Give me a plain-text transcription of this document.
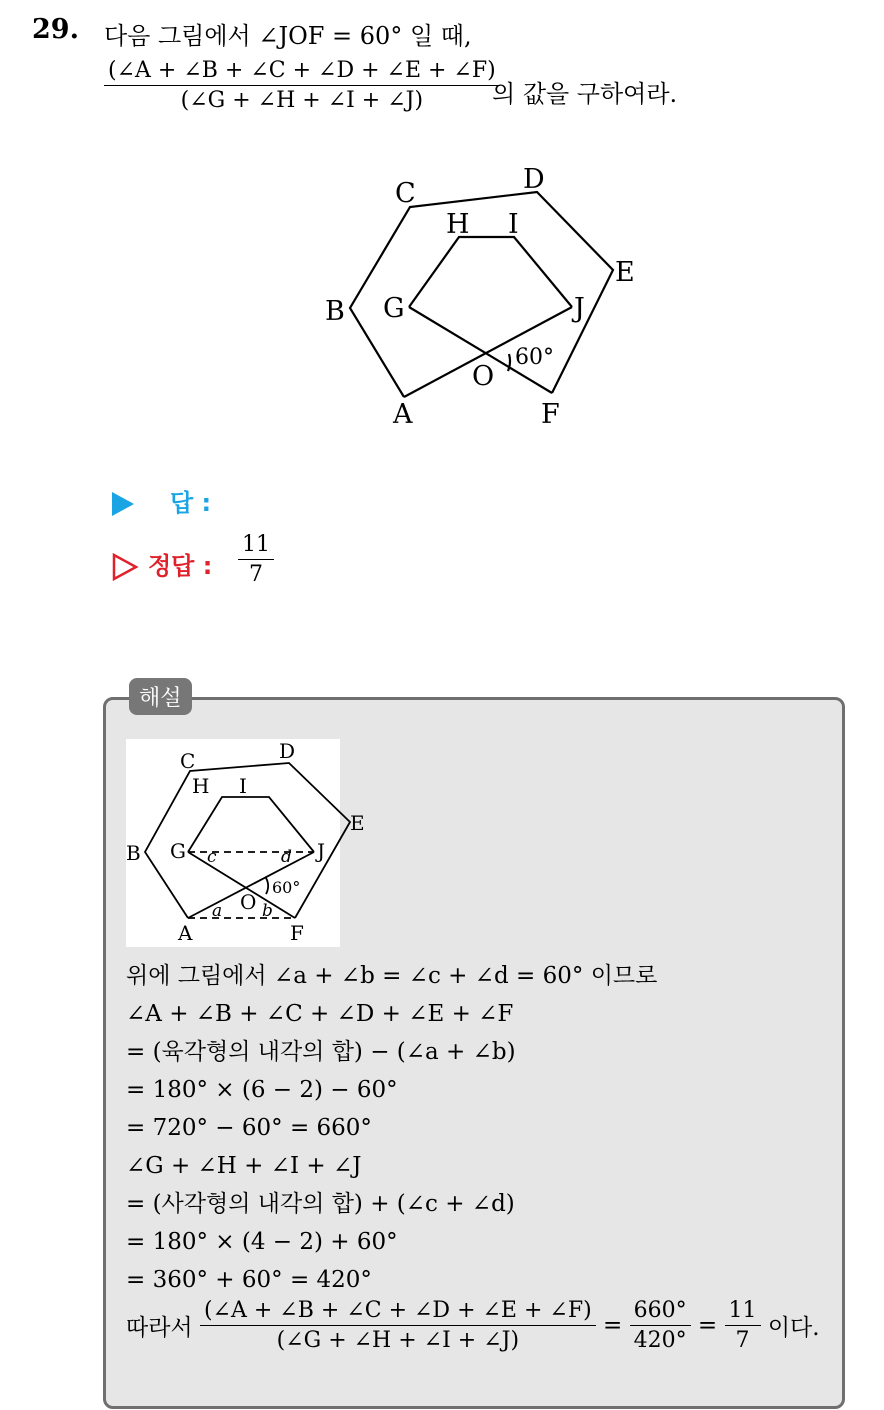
29. 다음 그림에서 ∠JOF = 60° 일 때,
$\frac{(\angle A + \angle B + \angle C + \angle D + \angle E + \angle F)}{(\angle G + \angle H + \angle I + \angle J)}$
의 값을 구하여라.
C	D
H I
E
B G	J
O
A	F
60°
답 :
정답 : $\frac{11}{7}$
해설
C	D
H I
E
B G	J
O
A	F
60°
a b
c	d
위에 그림에서 ∠a + ∠b = ∠c + ∠d = 60° 이므로
∠A + ∠B + ∠C + ∠D + ∠E + ∠F
= (육각형의 내각의 합) − (∠a + ∠b)
= 180° × (6 − 2) − 60°
= 720° − 60° = 660°
∠G + ∠H + ∠I + ∠J
= (사각형의 내각의 합) + (∠c + ∠d)
= 180° × (4 − 2) + 60°
= 360° + 60° = 420°
따라서 $\frac{(\angle A + \angle B + \angle C + \angle D + \angle E + \angle F)}{(\angle G + \angle H + \angle I + \angle J)} = \frac{660^\circ}{420^\circ} = \frac{11}{7}$ 이다.
